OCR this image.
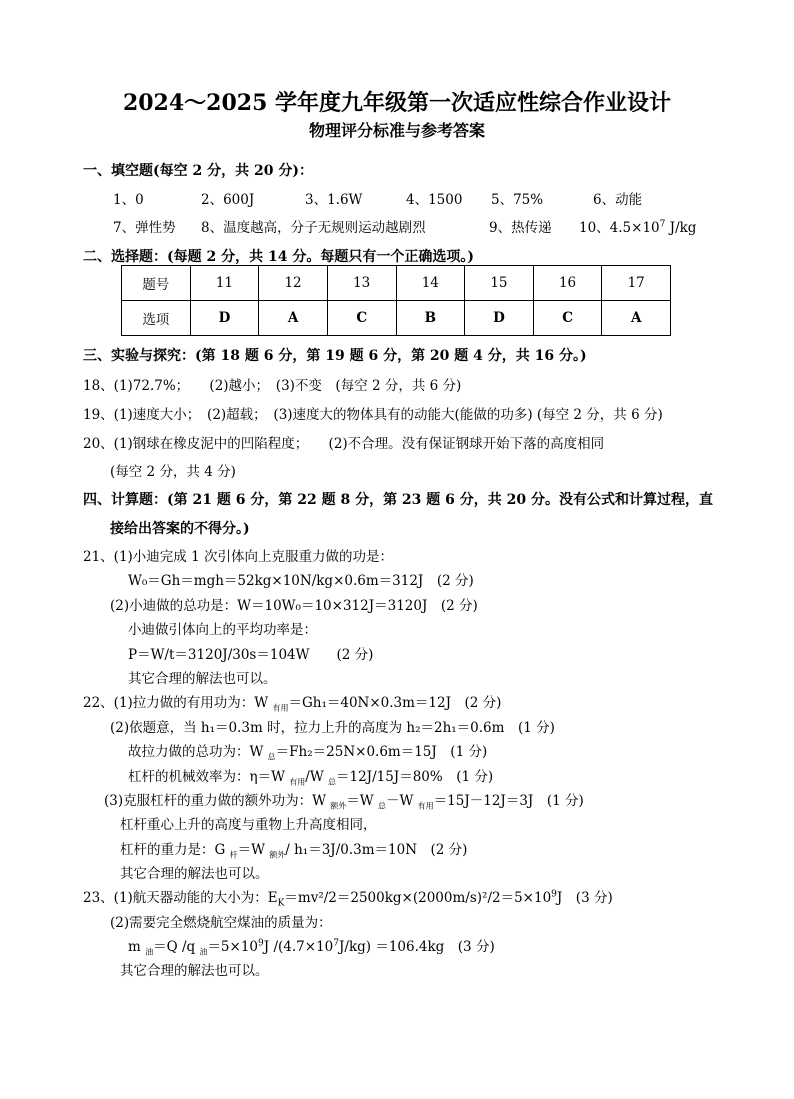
2024～2025 学年度九年级第一次适应性综合作业设计
物理评分标准与参考答案
一、填空题(每空 2 分，共 20 分)：
1、0	2、600J	3、1.6W	4、1500 5、75%	6、动能
7、弹性势 8、温度越高，分子无规则运动越剧烈	9、热传递 10、$4.5\times 10^7$ J/kg
二、选择题：(每题 2 分，共 14 分。每题只有一个正确选项。)
题号	11	12	13	14	15	16	17
选项	D	A	C	B	D	C	A
三、实验与探究：(第 18 题 6 分，第 19 题 6 分，第 20 题 4 分，共 16 分。)
18、(1)72.7%；　　(2)越小；　(3)不变　(每空 2 分，共 6 分)
19、(1)速度大小；　(2)超载；　(3)速度大的物体具有的动能大(能做的功多) (每空 2 分，共 6 分)
20、(1)钢球在橡皮泥中的凹陷程度；　　(2)不合理。没有保证钢球开始下落的高度相同
(每空 2 分，共 4 分)
四、计算题：(第 21 题 6 分，第 22 题 8 分，第 23 题 6 分，共 20 分。没有公式和计算过程，直
接给出答案的不得分。)
21、(1)小迪完成 1 次引体向上克服重力做的功是：
W₀＝Gh＝mgh＝52kg×10N/kg×0.6m＝312J　(2 分)
(2)小迪做的总功是：W＝10W₀＝10×312J＝3120J　(2 分)
小迪做引体向上的平均功率是：
P＝W/t＝3120J/30s＝104W　　(2 分)
其它合理的解法也可以。
22、(1)拉力做的有用功为：W $_{有用}$＝Gh₁＝40N×0.3m＝12J　(2 分)
(2)依题意，当 h₁＝0.3m 时，拉力上升的高度为 h₂＝2h₁＝0.6m　(1 分)
故拉力做的总功为：W $_总$＝Fh₂＝25N×0.6m＝15J　(1 分)
杠杆的机械效率为：η＝W $_{有用}$/W $_总$＝12J/15J＝80%　(1 分)
(3)克服杠杆的重力做的额外功为：W $_{额外}$＝W $_总$－W $_{有用}$＝15J－12J＝3J　(1 分)
杠杆重心上升的高度与重物上升高度相同，
杠杆的重力是：G $_杆$＝W $_{额外}$/ h₁＝3J/0.3m＝10N　(2 分)
其它合理的解法也可以。
23、(1)航天器动能的大小为：$E_K=mv^2/2=2500kg\times(2000m/s)^2/2=5\times 10^9J$　(3 分)
(2)需要完全燃烧航空煤油的质量为：
m $_油$＝Q /q $_油=5\times 10^9J$ $/(4.7\times 10^7J/kg) =106.4kg$　(3 分)
其它合理的解法也可以。
